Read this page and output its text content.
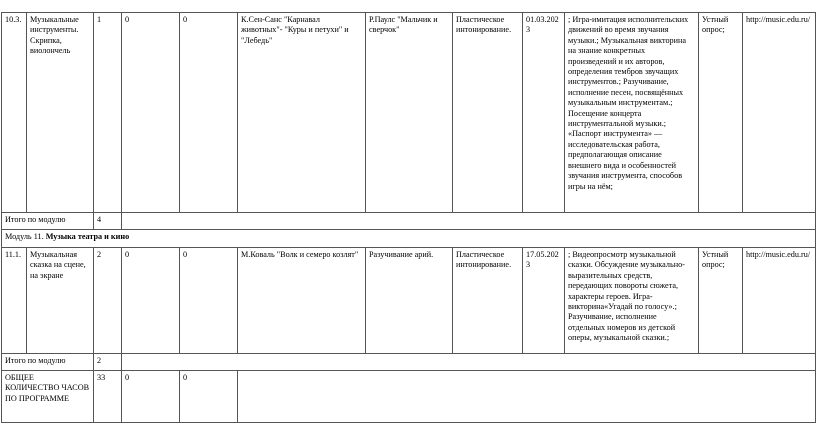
10.3.	Музыкальные инструменты. Скрипка, виолончель	1	0	0	К.Сен-Санс "Карнавал животных"- "Куры и петухи" и "Лебедь"	Р.Паулс "Мальчик и сверчок"	Пластическое интонирование.	01.03.2023	; Игра-имитация исполнительских движений во время звучания музыки.; Музыкальная викторина на знание конкретных произведений и их авторов, определения тембров звучащих инструментов.; Разучивание, исполнение песен, посвящённых музыкальным инструментам.; Посещение концерта инструментальной музыки.; «Паспорт инструмента» — исследовательская работа, предполагающая описание внешнего вида и особенностей звучания инструмента, способов игры на нём;	Устный опрос;	http://music.edu.ru/
Итого по модулю		4									
Модуль 11. Музыка театра и кино											
11.1.	Музыкальная сказка на сцене, на экране	2	0	0	М.Коваль "Волк и семеро козлят"	Разучивание арий.	Пластическое интонирование.	17.05.2023	; Видеопросмотр музыкальной сказки. Обсуждение музыкально-выразительных средств, передающих повороты сюжета, характеры героев. Игра-викторина«Угадай по голосу».; Разучивание, исполнение отдельных номеров из детской оперы, музыкальной сказки.;	Устный опрос;	http://music.edu.ru/
Итого по модулю		2									
ОБЩЕЕ КОЛИЧЕСТВО ЧАСОВ ПО ПРОГРАММЕ		33	0	0							
